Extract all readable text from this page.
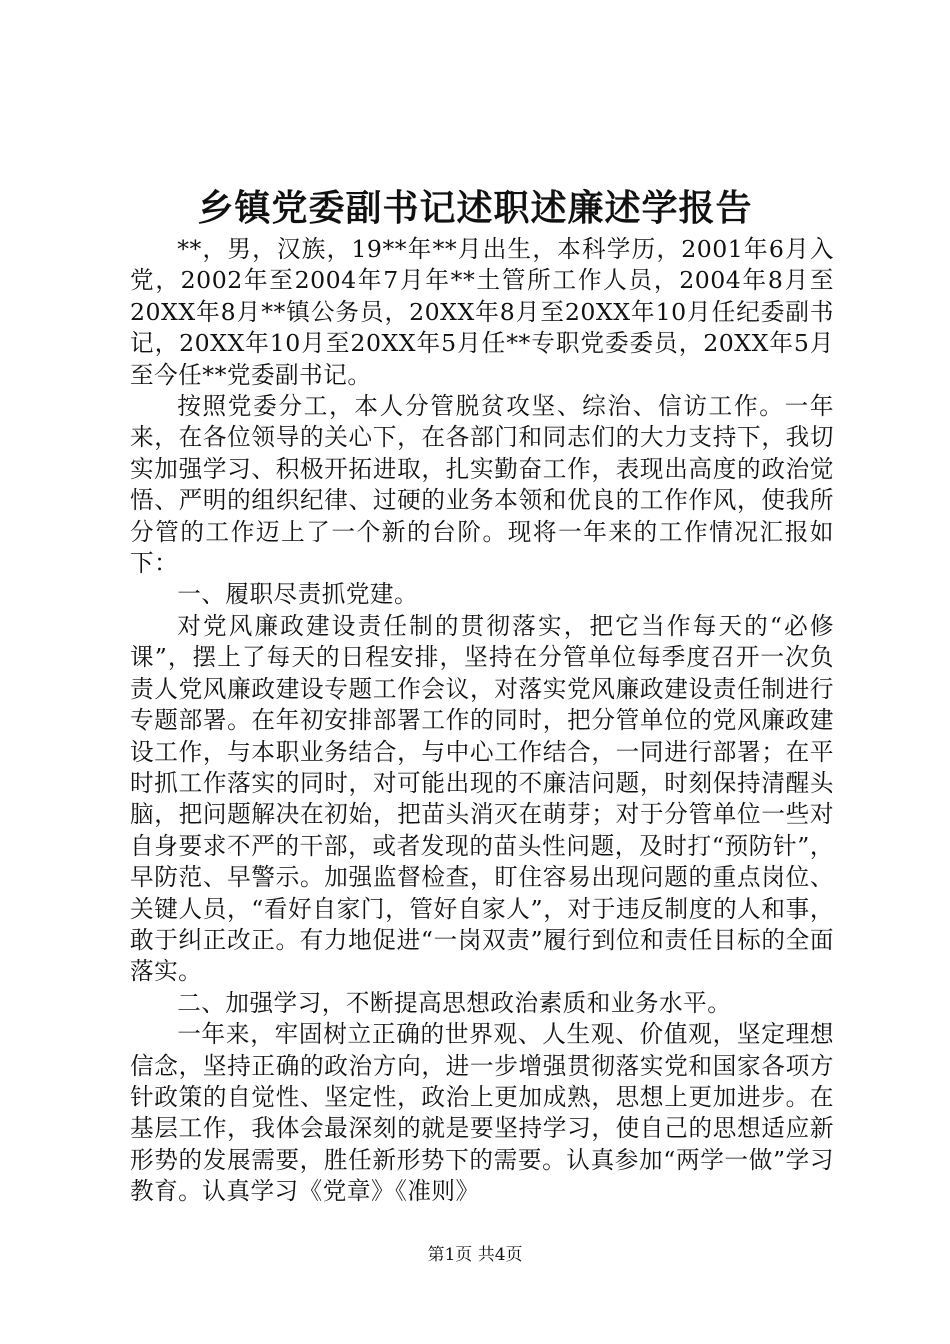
乡镇党委副书记述职述廉述学报告

**，男，汉族，19**年**月出生，本科学历，2001年6月入党，2002年至2004年7月年**土管所工作人员，2004年8月至20XX年8月**镇公务员，20XX年8月至20XX年10月任纪委副书记，20XX年10月至20XX年5月任**专职党委委员，20XX年5月至今任**党委副书记。

按照党委分工，本人分管脱贫攻坚、综治、信访工作。一年来，在各位领导的关心下，在各部门和同志们的大力支持下，我切实加强学习、积极开拓进取，扎实勤奋工作，表现出高度的政治觉悟、严明的组织纪律、过硬的业务本领和优良的工作作风，使我所分管的工作迈上了一个新的台阶。现将一年来的工作情况汇报如下：

一、履职尽责抓党建。

对党风廉政建设责任制的贯彻落实，把它当作每天的“必修课”，摆上了每天的日程安排，坚持在分管单位每季度召开一次负责人党风廉政建设专题工作会议，对落实党风廉政建设责任制进行专题部署。在年初安排部署工作的同时，把分管单位的党风廉政建设工作，与本职业务结合，与中心工作结合，一同进行部署；在平时抓工作落实的同时，对可能出现的不廉洁问题，时刻保持清醒头脑，把问题解决在初始，把苗头消灭在萌芽；对于分管单位一些对自身要求不严的干部，或者发现的苗头性问题，及时打“预防针”，早防范、早警示。加强监督检查，盯住容易出现问题的重点岗位、关键人员，“看好自家门，管好自家人”，对于违反制度的人和事，敢于纠正改正。有力地促进“一岗双责”履行到位和责任目标的全面落实。

二、加强学习，不断提高思想政治素质和业务水平。

一年来，牢固树立正确的世界观、人生观、价值观，坚定理想信念，坚持正确的政治方向，进一步增强贯彻落实党和国家各项方针政策的自觉性、坚定性，政治上更加成熟，思想上更加进步。在基层工作，我体会最深刻的就是要坚持学习，使自己的思想适应新形势的发展需要，胜任新形势下的需要。认真参加“两学一做”学习教育。认真学习《党章》《准则》

第1页 共4页
